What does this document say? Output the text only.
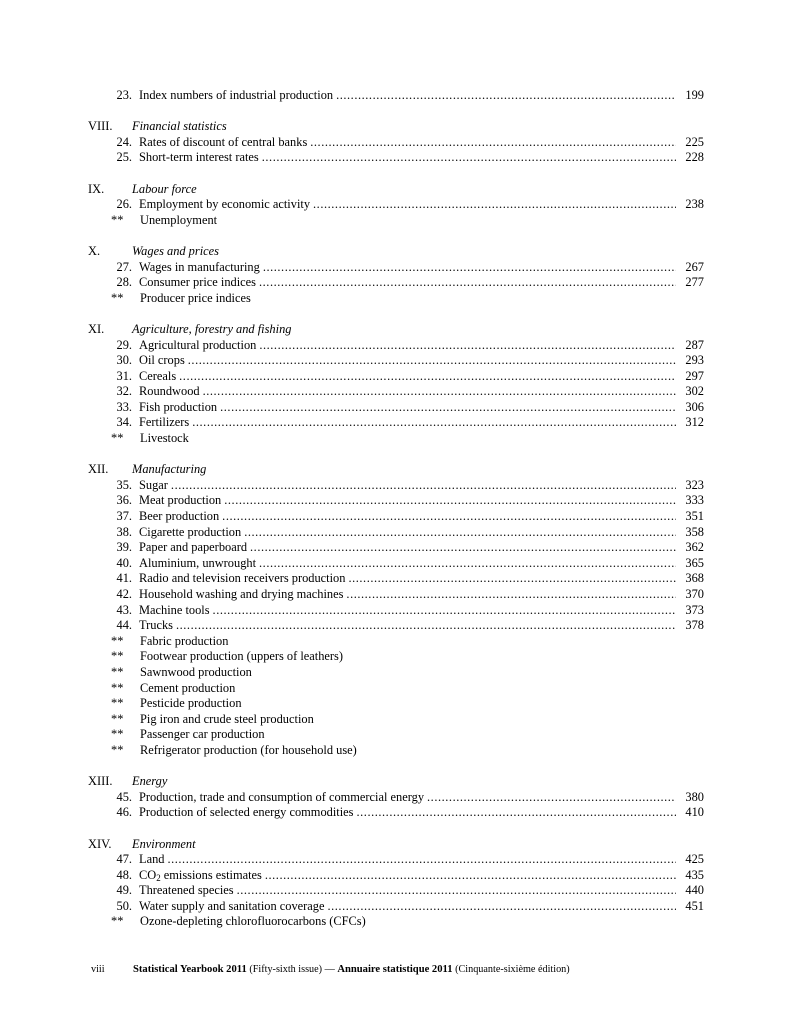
23. Index numbers of industrial production .....	199
VIII.	Financial statistics
24. Rates of discount of central banks .....	225
25. Short-term interest rates .....	228
IX.	Labour force
26. Employment by economic activity .....	238
**	Unemployment
X.	Wages and prices
27. Wages in manufacturing .....	267
28. Consumer price indices .....	277
**	Producer price indices
XI.	Agriculture, forestry and fishing
29. Agricultural production .....	287
30. Oil crops .....	293
31. Cereals .....	297
32. Roundwood .....	302
33. Fish production .....	306
34. Fertilizers .....	312
**	Livestock
XII.	Manufacturing
35. Sugar .....	323
36. Meat production .....	333
37. Beer production .....	351
38. Cigarette production .....	358
39. Paper and paperboard .....	362
40. Aluminium, unwrought .....	365
41. Radio and television receivers production .....	368
42. Household washing and drying machines .....	370
43. Machine tools .....	373
44. Trucks .....	378
**	Fabric production
**	Footwear production (uppers of leathers)
**	Sawnwood production
**	Cement production
**	Pesticide production
**	Pig iron and crude steel production
**	Passenger car production
**	Refrigerator production (for household use)
XIII.	Energy
45. Production, trade and consumption of commercial energy .....	380
46. Production of selected energy commodities .....	410
XIV.	Environment
47. Land .....	425
48. $CO_2$ emissions estimates .....	435
49. Threatened species .....	440
50. Water supply and sanitation coverage .....	451
**	Ozone-depleting chlorofluorocarbons (CFCs)
viii	Statistical Yearbook 2011 (Fifty-sixth issue) — Annuaire statistique 2011 (Cinquante-sixième édition)
